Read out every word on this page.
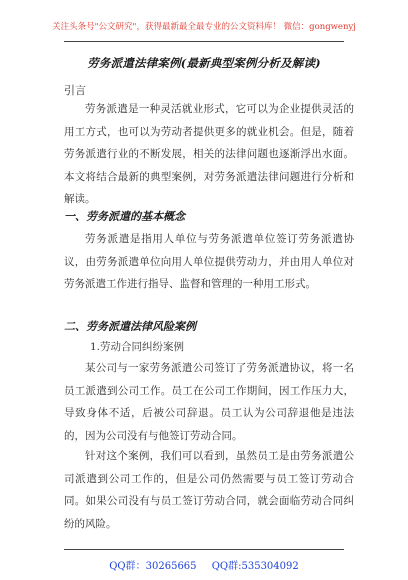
关注头条号"公文研究"，获得最新最全最专业的公文资料库！ 微信：gongwenyj
劳务派遣法律案例(最新典型案例分析及解读)
引言

劳务派遣是一种灵活就业形式，它可以为企业提供灵活的用工方式，也可以为劳动者提供更多的就业机会。但是，随着劳务派遣行业的不断发展，相关的法律问题也逐渐浮出水面。本文将结合最新的典型案例，对劳务派遣法律问题进行分析和解读。

一、劳务派遣的基本概念

劳务派遣是指用人单位与劳务派遣单位签订劳务派遣协议，由劳务派遣单位向用人单位提供劳动力，并由用人单位对劳务派遣工作进行指导、监督和管理的一种用工形式。

二、劳务派遣法律风险案例
1.劳动合同纠纷案例

某公司与一家劳务派遣公司签订了劳务派遣协议，将一名员工派遣到公司工作。员工在公司工作期间，因工作压力大，导致身体不适，后被公司辞退。员工认为公司辞退他是违法的，因为公司没有与他签订劳动合同。

针对这个案例，我们可以看到，虽然员工是由劳务派遣公司派遣到公司工作的，但是公司仍然需要与员工签订劳动合同。如果公司没有与员工签订劳动合同，就会面临劳动合同纠纷的风险。

QQ群：30265665 QQ群:535304092
